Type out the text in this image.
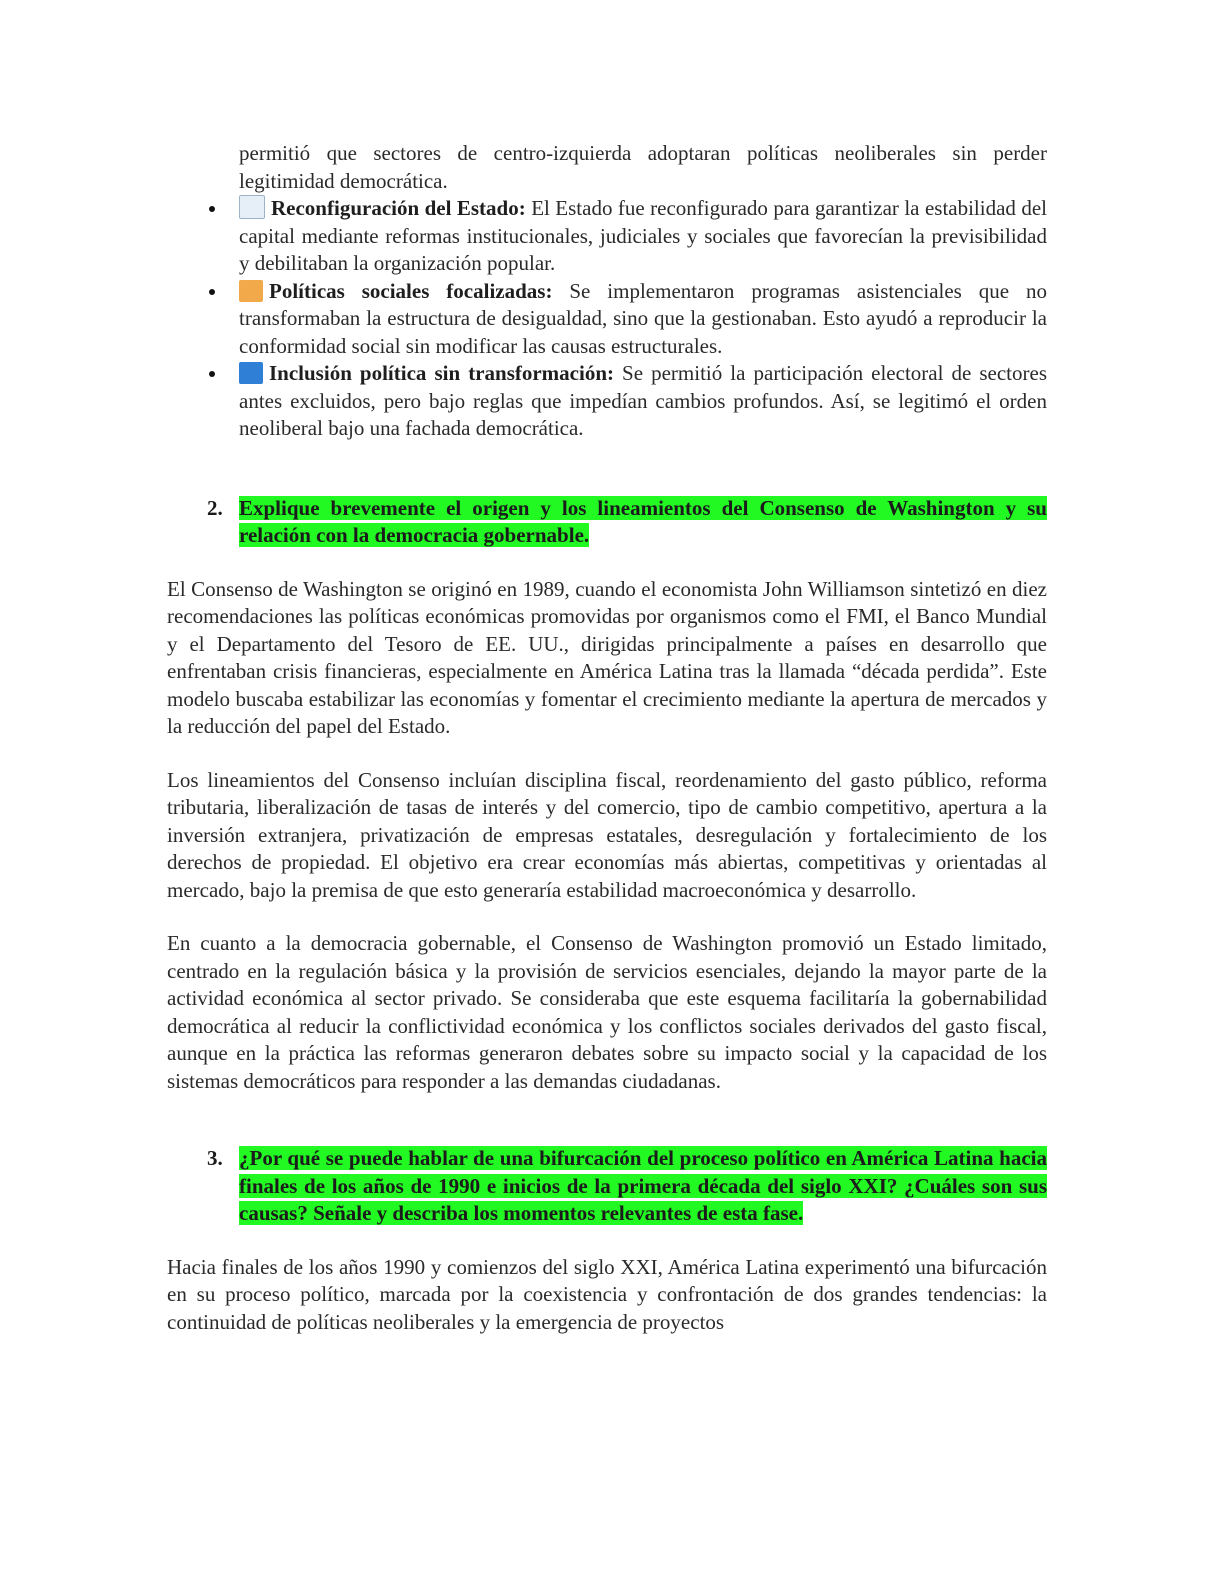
permitió que sectores de centro-izquierda adoptaran políticas neoliberales sin perder legitimidad democrática.

Reconfiguración del Estado: El Estado fue reconfigurado para garantizar la estabilidad del capital mediante reformas institucionales, judiciales y sociales que favorecían la previsibilidad y debilitaban la organización popular.
Políticas sociales focalizadas: Se implementaron programas asistenciales que no transformaban la estructura de desigualdad, sino que la gestionaban. Esto ayudó a reproducir la conformidad social sin modificar las causas estructurales.
Inclusión política sin transformación: Se permitió la participación electoral de sectores antes excluidos, pero bajo reglas que impedían cambios profundos. Así, se legitimó el orden neoliberal bajo una fachada democrática.

2. Explique brevemente el origen y los lineamientos del Consenso de Washington y su relación con la democracia gobernable.

El Consenso de Washington se originó en 1989, cuando el economista John Williamson sintetizó en diez recomendaciones las políticas económicas promovidas por organismos como el FMI, el Banco Mundial y el Departamento del Tesoro de EE. UU., dirigidas principalmente a países en desarrollo que enfrentaban crisis financieras, especialmente en América Latina tras la llamada “década perdida”. Este modelo buscaba estabilizar las economías y fomentar el crecimiento mediante la apertura de mercados y la reducción del papel del Estado.

Los lineamientos del Consenso incluían disciplina fiscal, reordenamiento del gasto público, reforma tributaria, liberalización de tasas de interés y del comercio, tipo de cambio competitivo, apertura a la inversión extranjera, privatización de empresas estatales, desregulación y fortalecimiento de los derechos de propiedad. El objetivo era crear economías más abiertas, competitivas y orientadas al mercado, bajo la premisa de que esto generaría estabilidad macroeconómica y desarrollo.

En cuanto a la democracia gobernable, el Consenso de Washington promovió un Estado limitado, centrado en la regulación básica y la provisión de servicios esenciales, dejando la mayor parte de la actividad económica al sector privado. Se consideraba que este esquema facilitaría la gobernabilidad democrática al reducir la conflictividad económica y los conflictos sociales derivados del gasto fiscal, aunque en la práctica las reformas generaron debates sobre su impacto social y la capacidad de los sistemas democráticos para responder a las demandas ciudadanas.

3. ¿Por qué se puede hablar de una bifurcación del proceso político en América Latina hacia finales de los años de 1990 e inicios de la primera década del siglo XXI? ¿Cuáles son sus causas? Señale y describa los momentos relevantes de esta fase.

Hacia finales de los años 1990 y comienzos del siglo XXI, América Latina experimentó una bifurcación en su proceso político, marcada por la coexistencia y confrontación de dos grandes tendencias: la continuidad de políticas neoliberales y la emergencia de proyectos
